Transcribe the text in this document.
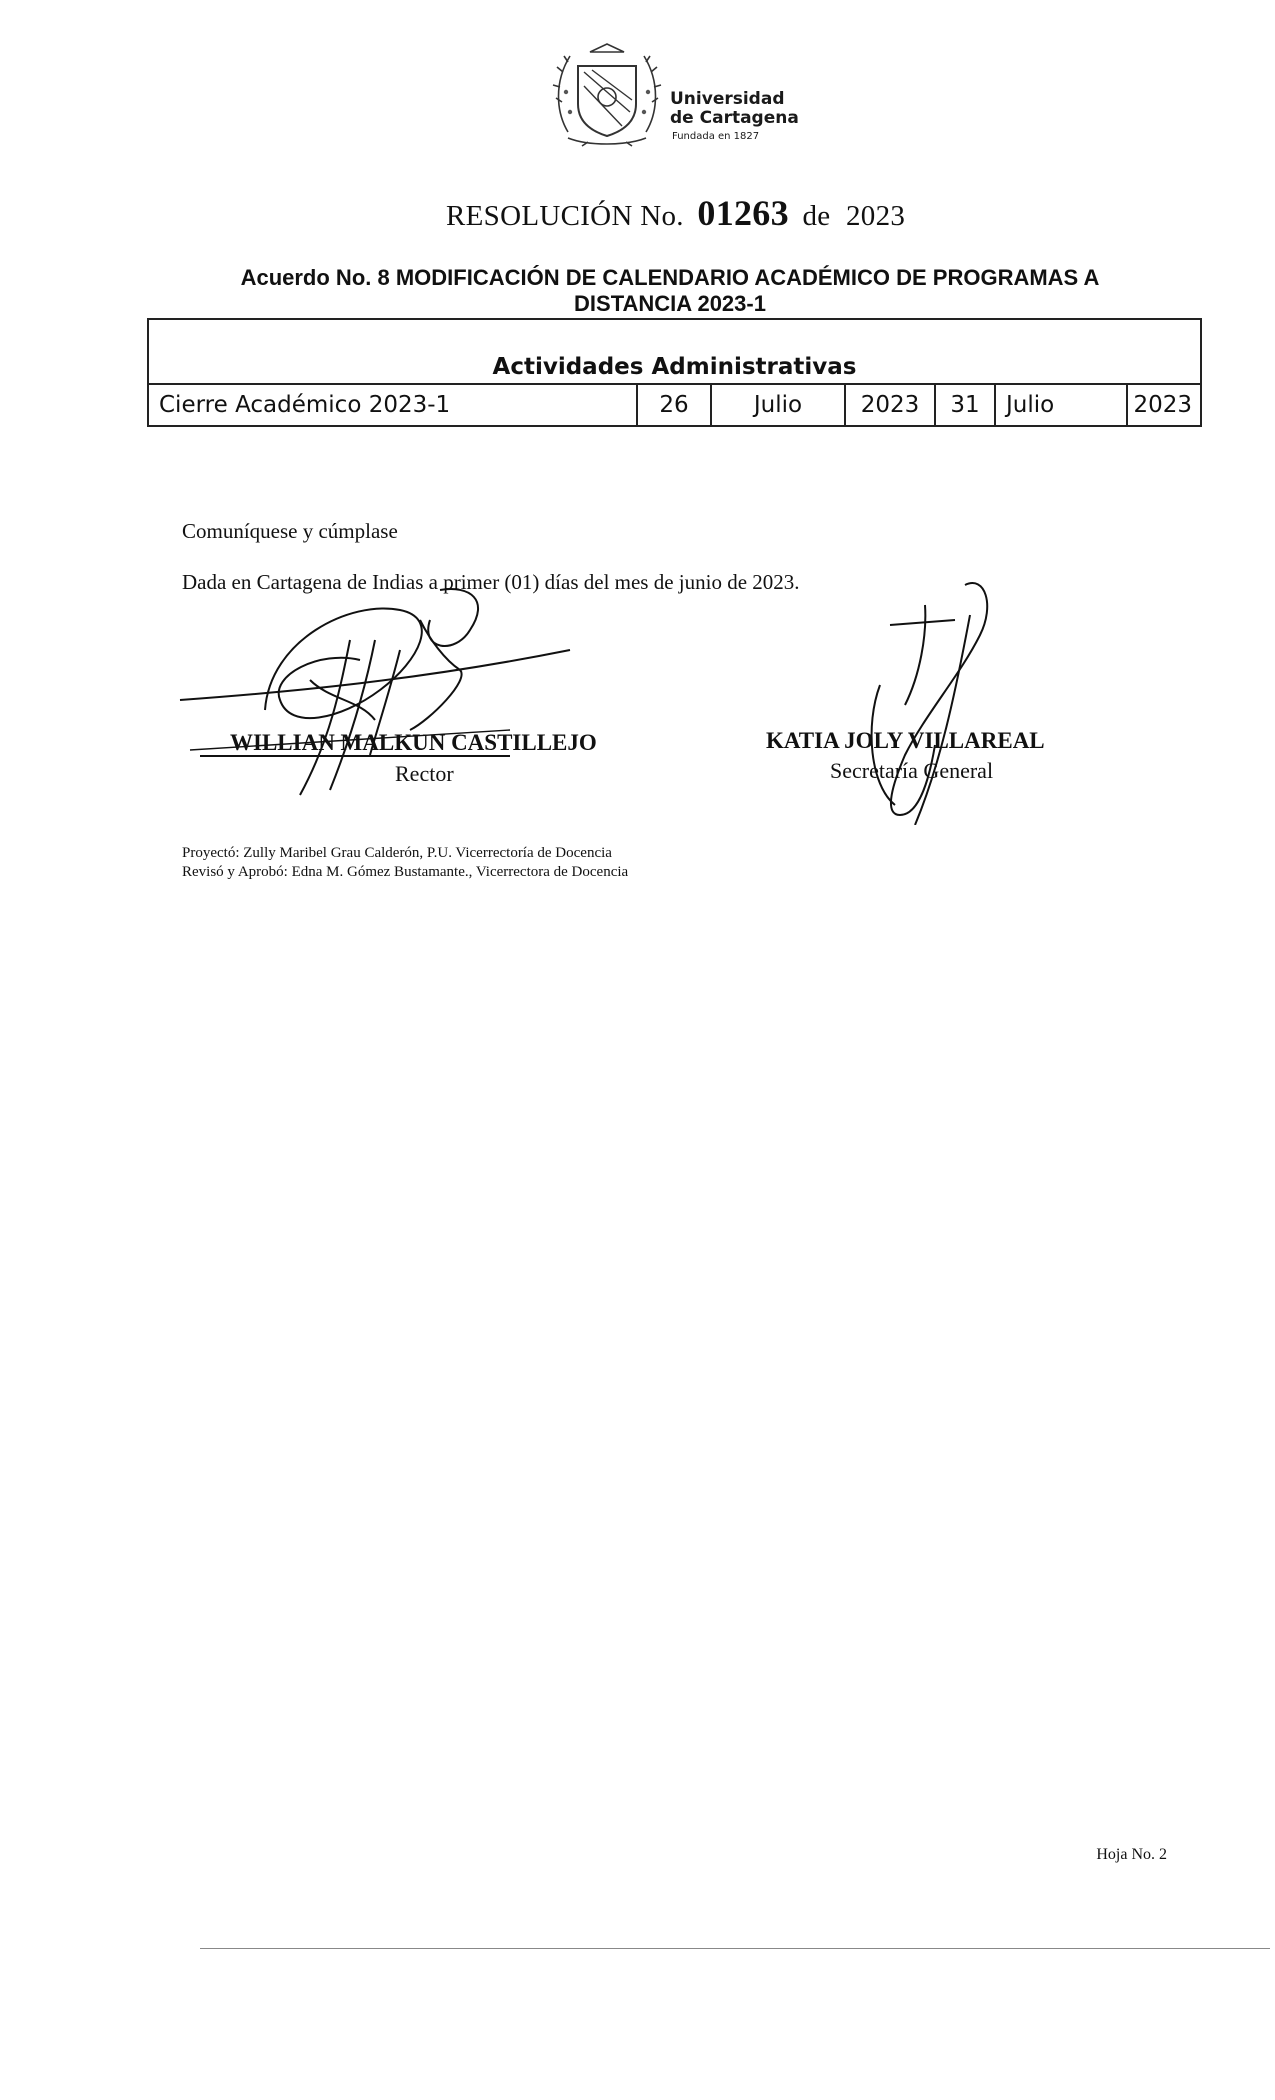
Universidad
de Cartagena
Fundada en 1827
RESOLUCIÓN No. 01263 de 2023
Acuerdo No. 8 MODIFICACIÓN DE CALENDARIO ACADÉMICO DE PROGRAMAS A DISTANCIA 2023-1
Actividades Administrativas
Cierre Académico 2023-1	26	Julio	2023	31	Julio	2023
Comuníquese y cúmplase
Dada en Cartagena de Indias a primer (01) días del mes de junio de 2023.
WILLIAN MALKUN CASTILLEJO
Rector
KATIA JOLY VILLAREAL
Secretaría General
Proyectó: Zully Maribel Grau Calderón, P.U. Vicerrectoría de Docencia
Revisó y Aprobó: Edna M. Gómez Bustamante., Vicerrectora de Docencia
Hoja No. 2
